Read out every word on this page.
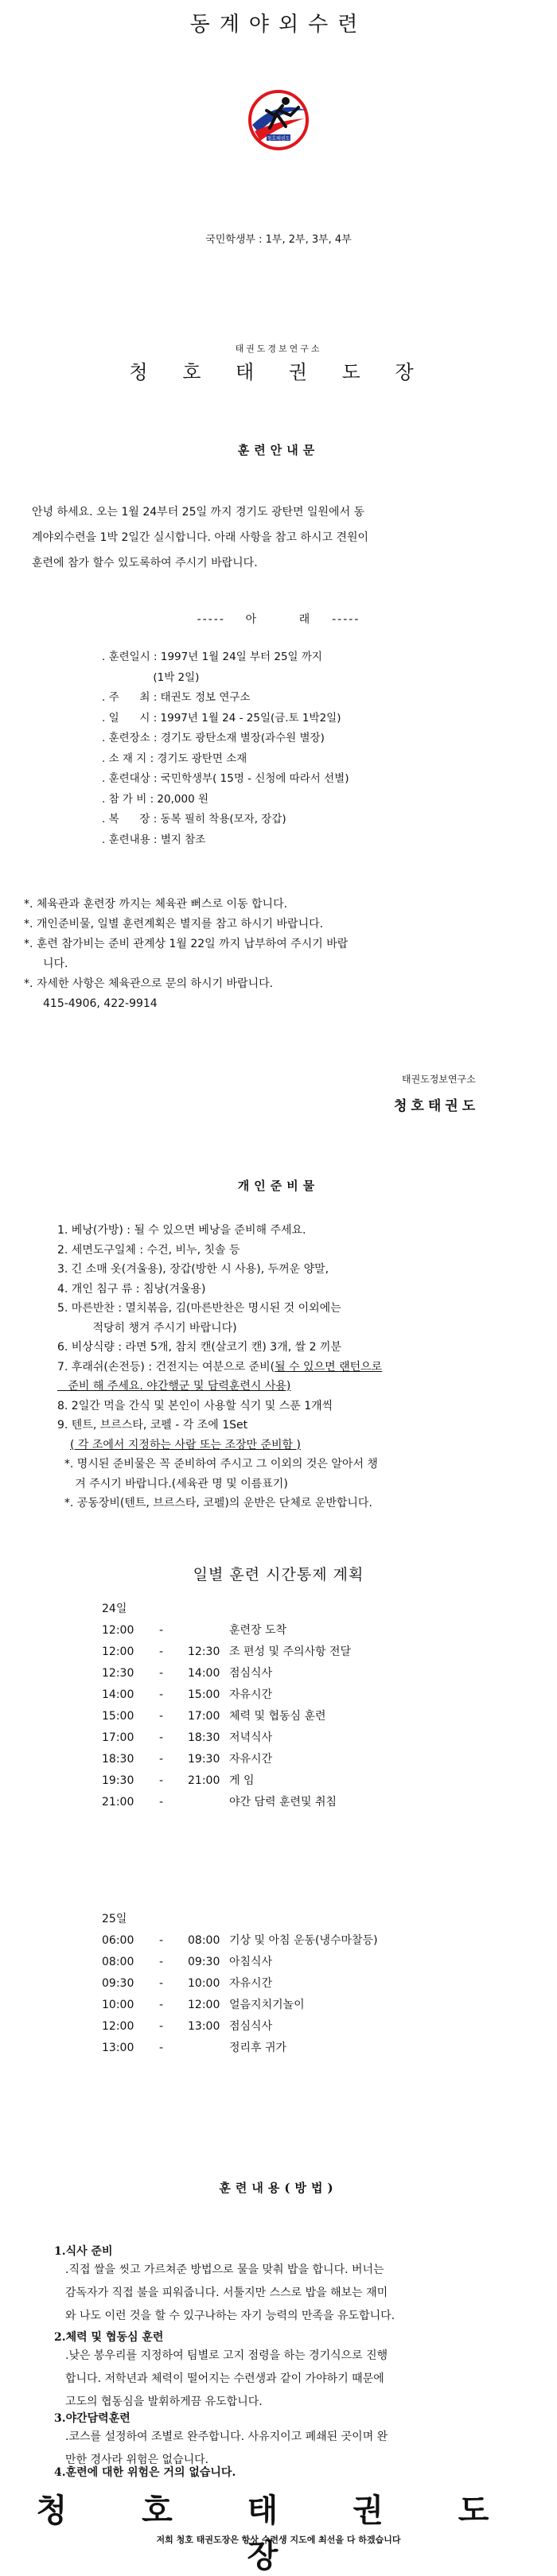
동계야외수련
청호태권도
국민학생부 : 1부, 2부, 3부, 4부
태권도경보연구소
청 호 태 권 도 장
훈련안내문
안녕 하세요. 오는 1월 24부터 25일 까지 경기도 광탄면 일원에서 동
계야외수련을 1박 2일간 실시합니다. 아래 사항을 참고 하시고 견원이
훈련에 참가 할수 있도록하여 주시기 바랍니다.
-----    아        래    -----
. 훈련일시 : 1997년 1월 24일 부터 25일 까지
(1박 2일)
. 주      최 : 태권도 정보 연구소
. 일      시 : 1997년 1월 24 - 25일(금.토 1박2일)
. 훈련장소 : 경기도 광탄소재 별장(과수원 별장)
. 소 재 지 : 경기도 광탄면 소재
. 훈련대상 : 국민학생부( 15명 - 신청에 따라서 선별)
. 참 가 비 : 20,000 원
. 복      장 : 동복 필히 착용(모자, 장갑)
. 훈련내용 : 별지 참조
*. 체육관과 훈련장 까지는 체육관 뻐스로 이동 합니다.
*. 개인준비물, 일별 훈련계획은 별지를 참고 하시기 바랍니다.
*. 훈련 참가비는 준비 관계상 1월 22일 까지 납부하여 주시기 바랍
니다.
*. 자세한 사항은 체육관으로 문의 하시기 바랍니다.
415-4906, 422-9914
태권도정보연구소
청호태권도
개인준비물
1. 베낭(가방) : 될 수 있으면 베낭을 준비해 주세요.
2. 세면도구일체 : 수건, 비누, 칫솔 등
3. 긴 소매 옷(겨울용), 장갑(방한 시 사용), 두꺼운 양말,
4. 개인 침구 류 : 침낭(겨울용)
5. 마른반찬 : 멸치볶음, 김(마른반찬은 명시된 것 이외에는
적당히 챙겨 주시기 바랍니다)
6. 비상식량 : 라면 5개, 참치 캔(살코기 캔) 3개, 쌀 2 끼분
7. 후래쉬(손전등) : 건전지는 여분으로 준비(될 수 있으면 랜턴으로
준비 해 주세요. 야간행군 및 담력훈련시 사용)
8. 2일간 먹을 간식 및 본인이 사용할 식기 및 스푼 1개씩
9. 텐트, 브르스타, 코펠 - 각 조에 1Set
( 각 조에서 지정하는 사람 또는 조장만 준비함 )
*. 명시된 준비물은 꼭 준비하여 주시고 그 이외의 것은 알아서 챙
겨 주시기 바랍니다.(세육관 명 및 이름표기)
*. 공동장비(텐트, 브르스타, 코펠)의 운반은 단체로 운반합니다.
일별 훈련 시간통제 계획
24일
12:00 -	훈련장 도착
12:00 - 12:30 조 편성 및 주의사항 전달
12:30 - 14:00 점심식사
14:00 - 15:00 자유시간
15:00 - 17:00 체력 및 협동심 훈련
17:00 - 18:30 저녁식사
18:30 - 19:30 자유시간
19:30 - 21:00 게 임
21:00 -	야간 담력 훈련및 취침
25일
06:00 - 08:00 기상 및 아침 운동(냉수마찰등)
08:00 - 09:30 아침식사
09:30 - 10:00 자유시간
10:00 - 12:00 얼음지치기놀이
12:00 - 13:00 점심식사
13:00 -	정리후 귀가
훈련내용(방법)
1.식사 준비
.직접 쌀을 씻고 가르쳐준 방법으로 물을 맞춰 밥을 합니다. 버너는
감독자가 직접 불을 피워줍니다. 서툴지만 스스로 밥을 해보는 재미
와 나도 이런 것을 할 수 있구나하는 자기 능력의 만족을 유도합니다.
2.체력 및 협동심 훈련
.낮은 봉우리를 지정하여 팀별로 고지 점령을 하는 경기식으로 진행
합니다. 저학년과 체력이 떨어지는 수련생과 같이 가야하기 때문에
고도의 협동심을 발휘하게끔 유도합니다.
3.야간담력훈련
.코스를 설정하여 조별로 완주합니다. 사유지이고 폐쇄된 곳이며 완
만한 경사라 위험은 없습니다.
4.훈련에 대한 위험은 거의 없습니다.
청 호 태 권 도 장
저희 청호 태권도장은 항상 수련생 지도에 최선을 다 하겠습니다
